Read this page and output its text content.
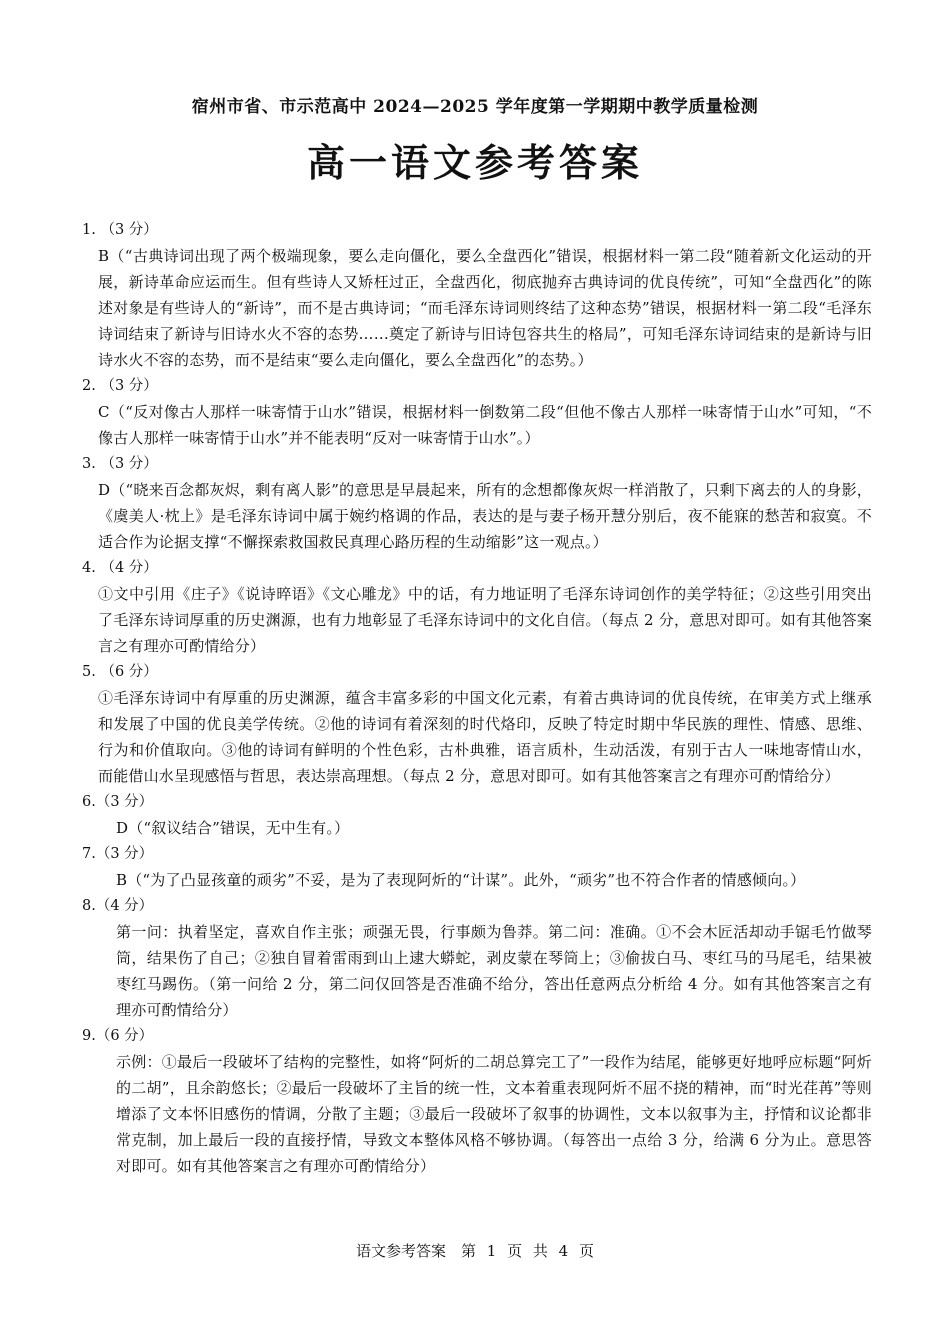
宿州市省、市示范高中 2024—2025 学年度第一学期期中教学质量检测
高一语文参考答案
1. （3 分）
B（“古典诗词出现了两个极端现象，要么走向僵化，要么全盘西化”错误，根据材料一第二段“随着新文化运动的开展，新诗革命应运而生。但有些诗人又矫枉过正，全盘西化，彻底抛弃古典诗词的优良传统”，可知“全盘西化”的陈述对象是有些诗人的“新诗”，而不是古典诗词；“而毛泽东诗词则终结了这种态势”错误，根据材料一第二段“毛泽东诗词结束了新诗与旧诗水火不容的态势……奠定了新诗与旧诗包容共生的格局”，可知毛泽东诗词结束的是新诗与旧诗水火不容的态势，而不是结束“要么走向僵化，要么全盘西化”的态势。）
2. （3 分）
C（“反对像古人那样一味寄情于山水”错误，根据材料一倒数第二段“但他不像古人那样一味寄情于山水”可知，“不像古人那样一味寄情于山水”并不能表明“反对一味寄情于山水”。）
3. （3 分）
D（“晓来百念都灰烬，剩有离人影”的意思是早晨起来，所有的念想都像灰烬一样消散了，只剩下离去的人的身影，《虞美人·枕上》是毛泽东诗词中属于婉约格调的作品，表达的是与妻子杨开慧分别后，夜不能寐的愁苦和寂寞。不适合作为论据支撑“不懈探索救国救民真理心路历程的生动缩影”这一观点。）
4. （4 分）
①文中引用《庄子》《说诗晬语》《文心雕龙》中的话，有力地证明了毛泽东诗词创作的美学特征；②这些引用突出了毛泽东诗词厚重的历史渊源，也有力地彰显了毛泽东诗词中的文化自信。（每点 2 分，意思对即可。如有其他答案言之有理亦可酌情给分）
5. （6 分）
①毛泽东诗词中有厚重的历史渊源，蕴含丰富多彩的中国文化元素，有着古典诗词的优良传统，在审美方式上继承和发展了中国的优良美学传统。②他的诗词有着深刻的时代烙印，反映了特定时期中华民族的理性、情感、思维、行为和价值取向。③他的诗词有鲜明的个性色彩，古朴典雅，语言质朴，生动活泼，有别于古人一味地寄情山水，而能借山水呈现感悟与哲思，表达崇高理想。（每点 2 分，意思对即可。如有其他答案言之有理亦可酌情给分）
6.（3 分）
D（“叙议结合”错误，无中生有。）
7.（3 分）
B（“为了凸显孩童的顽劣”不妥，是为了表现阿炘的“计谋”。此外，“顽劣”也不符合作者的情感倾向。）
8.（4 分）
第一问：执着坚定，喜欢自作主张；顽强无畏，行事颇为鲁莽。第二问：准确。①不会木匠活却动手锯毛竹做琴筒，结果伤了自己；②独自冒着雷雨到山上逮大蟒蛇，剥皮蒙在琴筒上；③偷拔白马、枣红马的马尾毛，结果被枣红马踢伤。（第一问给 2 分，第二问仅回答是否准确不给分，答出任意两点分析给 4 分。如有其他答案言之有理亦可酌情给分）
9.（6 分）
示例：①最后一段破坏了结构的完整性，如将“阿炘的二胡总算完工了”一段作为结尾，能够更好地呼应标题“阿炘的二胡”，且余韵悠长；②最后一段破坏了主旨的统一性，文本着重表现阿炘不屈不挠的精神，而“时光荏苒”等则增添了文本怀旧感伤的情调，分散了主题；③最后一段破坏了叙事的协调性，文本以叙事为主，抒情和议论都非常克制，加上最后一段的直接抒情，导致文本整体风格不够协调。（每答出一点给 3 分，给满 6 分为止。意思答对即可。如有其他答案言之有理亦可酌情给分）
语文参考答案　第 1 页 共 4 页
